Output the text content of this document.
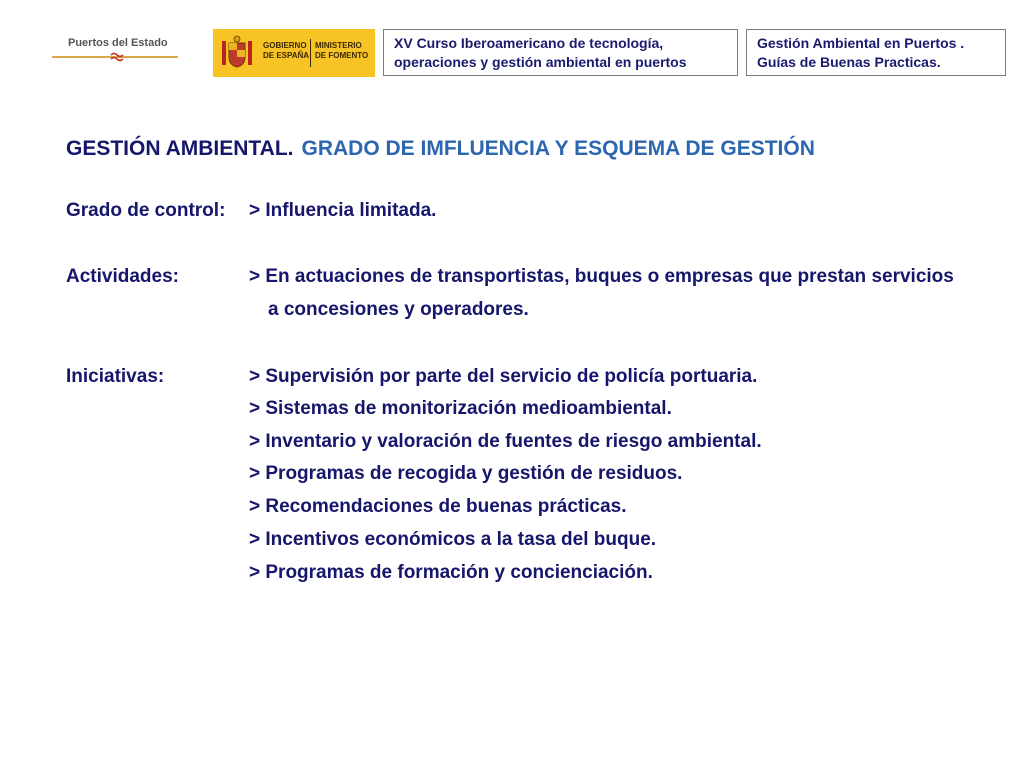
Puertos del Estado	GOBIERNO
DE ESPAÑA
MINISTERIO
DE FOMENTO
XV Curso Iberoamericano de tecnología,
operaciones y gestión ambiental en puertos
Gestión Ambiental en Puertos .
Guías de Buenas Practicas.
GESTIÓN AMBIENTAL. GRADO DE IMFLUENCIA Y ESQUEMA DE GESTIÓN
Grado de control: > Influencia limitada.
Actividades:	> En actuaciones de transportistas, buques o empresas que prestan servicios
a concesiones y operadores.
Iniciativas:	> Supervisión por parte del servicio de policía portuaria.
> Sistemas de monitorización medioambiental.
> Inventario y valoración de fuentes de riesgo ambiental.
> Programas de recogida y gestión de residuos.
> Recomendaciones de buenas prácticas.
> Incentivos económicos a la tasa del buque.
> Programas de formación y concienciación.
